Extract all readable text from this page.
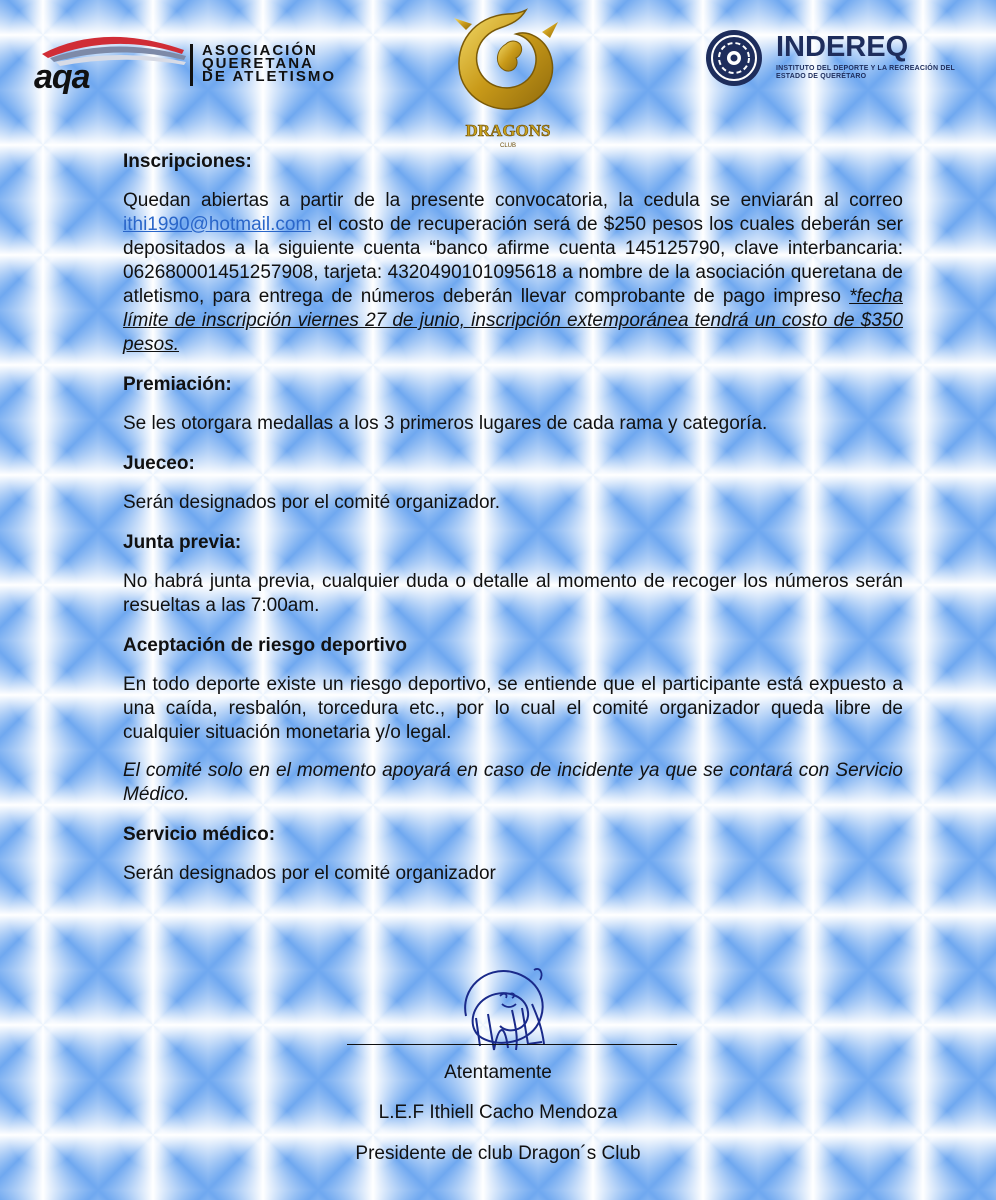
aqa
ASOCIACIÓN
QUERETANA
DE ATLETISMO
DRAGONS
CLUB
INDEREQ
INSTITUTO DEL DEPORTE Y LA RECREACIÓN DEL ESTADO DE QUERÉTARO
Inscripciones:

Quedan abiertas a partir de la presente convocatoria, la cedula se enviarán al correo ithi1990@hotmail.com el costo de recuperación será de $250 pesos los cuales deberán ser depositados a la siguiente cuenta “banco afirme cuenta 145125790, clave interbancaria: 062680001451257908, tarjeta: 4320490101095618 a nombre de la asociación queretana de atletismo, para entrega de números deberán llevar comprobante de pago impreso *fecha límite de inscripción viernes 27 de junio, inscripción extemporánea tendrá un costo de $350 pesos.

Premiación:

Se les otorgara medallas a los 3 primeros lugares de cada rama y categoría.

Jueceo:

Serán designados por el comité organizador.

Junta previa:

No habrá junta previa, cualquier duda o detalle al momento de recoger los números serán resueltas a las 7:00am.

Aceptación de riesgo deportivo

En todo deporte existe un riesgo deportivo, se entiende que el participante está expuesto a una caída, resbalón, torcedura etc., por lo cual el comité organizador queda libre de cualquier situación monetaria y/o legal.

El comité solo en el momento apoyará en caso de incidente ya que se contará con Servicio Médico.

Servicio médico:

Serán designados por el comité organizador

Atentamente
L.E.F Ithiell Cacho Mendoza
Presidente de club Dragon´s Club
